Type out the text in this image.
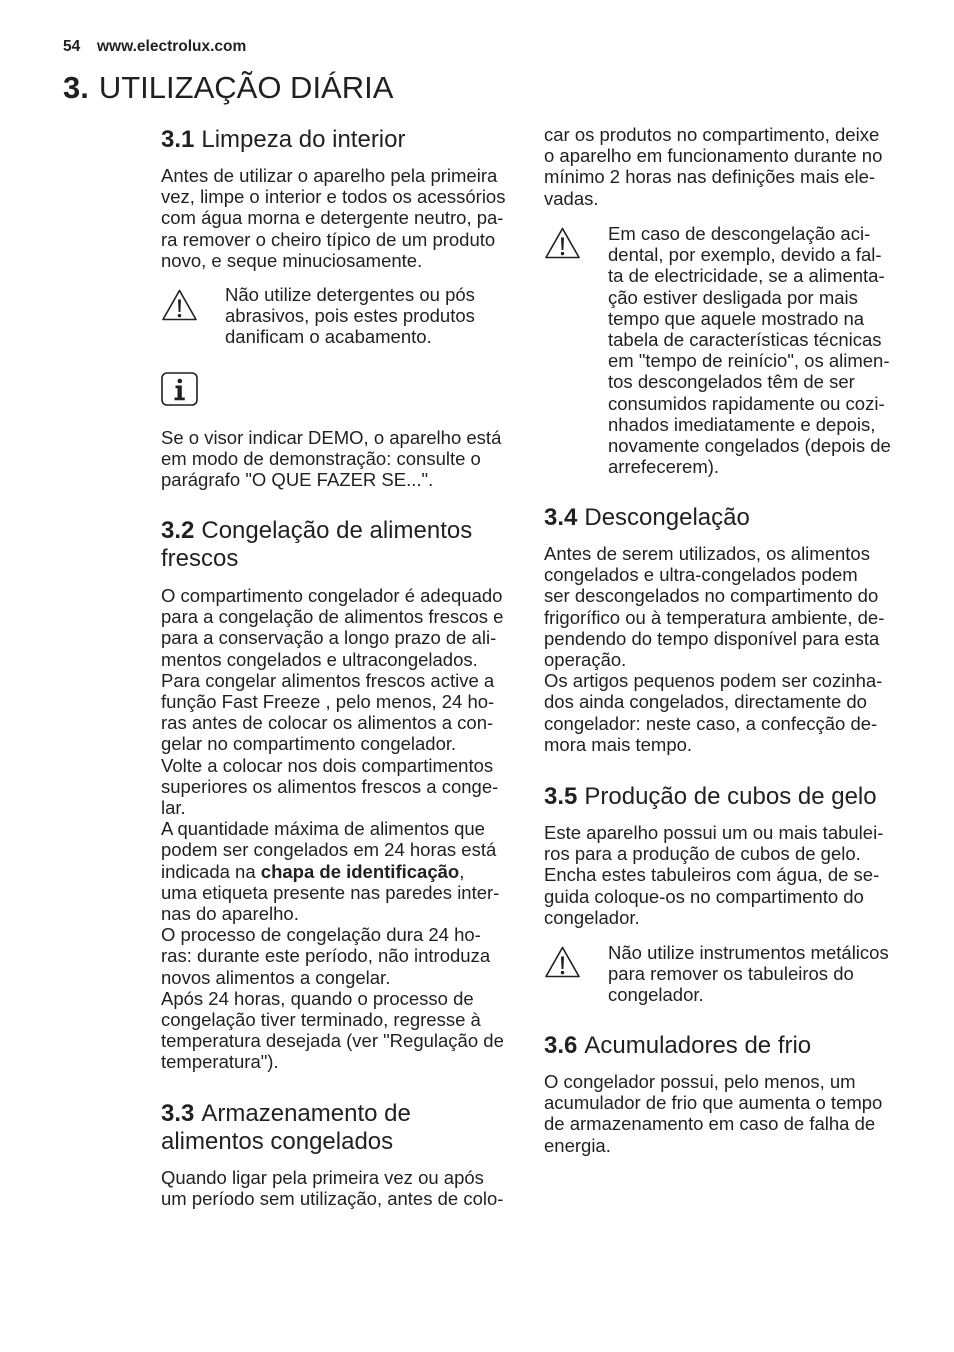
54 www.electrolux.com
3. UTILIZAÇÃO DIÁRIA
3.1 Limpeza do interior
Antes de utilizar o aparelho pela primeira
vez, limpe o interior e todos os acessórios
com água morna e detergente neutro, pa-
ra remover o cheiro típico de um produto
novo, e seque minuciosamente.
Não utilize detergentes ou pós
abrasivos, pois estes produtos
danificam o acabamento.
Se o visor indicar DEMO, o aparelho está
em modo de demonstração: consulte o
parágrafo "O QUE FAZER SE...".
3.2 Congelação de alimentos
frescos
O compartimento congelador é adequado
para a congelação de alimentos frescos e
para a conservação a longo prazo de ali-
mentos congelados e ultracongelados.
Para congelar alimentos frescos active a
função Fast Freeze , pelo menos, 24 ho-
ras antes de colocar os alimentos a con-
gelar no compartimento congelador.
Volte a colocar nos dois compartimentos
superiores os alimentos frescos a conge-
lar.
A quantidade máxima de alimentos que
podem ser congelados em 24 horas está
indicada na chapa de identificação,
uma etiqueta presente nas paredes inter-
nas do aparelho.
O processo de congelação dura 24 ho-
ras: durante este período, não introduza
novos alimentos a congelar.
Após 24 horas, quando o processo de
congelação tiver terminado, regresse à
temperatura desejada (ver "Regulação de
temperatura").
3.3 Armazenamento de
alimentos congelados
Quando ligar pela primeira vez ou após
um período sem utilização, antes de colo-
car os produtos no compartimento, deixe
o aparelho em funcionamento durante no
mínimo 2 horas nas definições mais ele-
vadas.
Em caso de descongelação aci-
dental, por exemplo, devido a fal-
ta de electricidade, se a alimenta-
ção estiver desligada por mais
tempo que aquele mostrado na
tabela de características técnicas
em "tempo de reinício", os alimen-
tos descongelados têm de ser
consumidos rapidamente ou cozi-
nhados imediatamente e depois,
novamente congelados (depois de
arrefecerem).
3.4 Descongelação
Antes de serem utilizados, os alimentos
congelados e ultra-congelados podem
ser descongelados no compartimento do
frigorífico ou à temperatura ambiente, de-
pendendo do tempo disponível para esta
operação.
Os artigos pequenos podem ser cozinha-
dos ainda congelados, directamente do
congelador: neste caso, a confecção de-
mora mais tempo.
3.5 Produção de cubos de gelo
Este aparelho possui um ou mais tabulei-
ros para a produção de cubos de gelo.
Encha estes tabuleiros com água, de se-
guida coloque-os no compartimento do
congelador.
Não utilize instrumentos metálicos
para remover os tabuleiros do
congelador.
3.6 Acumuladores de frio
O congelador possui, pelo menos, um
acumulador de frio que aumenta o tempo
de armazenamento em caso de falha de
energia.
